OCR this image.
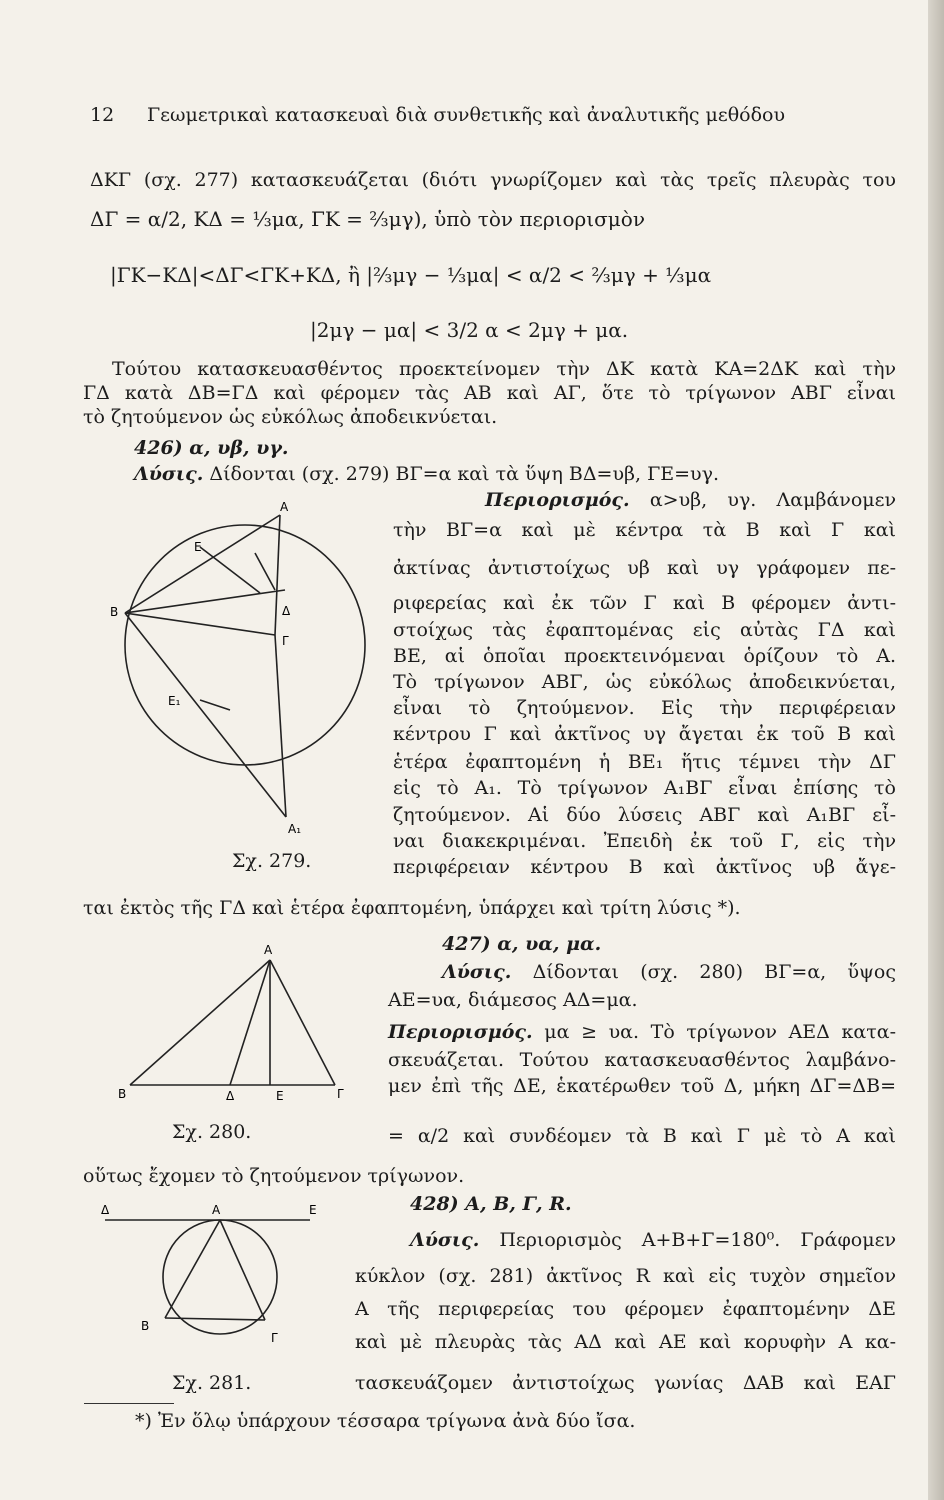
12 Γεωμετρικαὶ κατασκευαὶ διὰ συνθετικῆς καὶ ἀναλυτικῆς μεθόδου
ΔΚΓ (σχ. 277) κατασκευάζεται (διότι γνωρίζομεν καὶ τὰς τρεῖς πλευρὰς του
ΔΓ = α/2, ΚΔ = ⅓μα, ΓΚ = ⅔μγ), ὑπὸ τὸν περιορισμὸν
|ΓΚ−ΚΔ|<ΔΓ<ΓΚ+ΚΔ, ἢ |⅔μγ − ⅓μα| < α/2 < ⅔μγ + ⅓μα
|2μγ − μα| < 3/2 α < 2μγ + μα.
Τούτου κατασκευασθέντος προεκτείνομεν τὴν ΔΚ κατὰ ΚΑ=2ΔΚ καὶ τὴν
ΓΔ κατὰ ΔΒ=ΓΔ καὶ φέρομεν τὰς ΑΒ καὶ ΑΓ, ὅτε τὸ τρίγωνον ΑΒΓ εἶναι
τὸ ζητούμενον ὡς εὐκόλως ἀποδεικνύεται.
426) α, υβ, υγ.
Λύσις. Δίδονται (σχ. 279) ΒΓ=α καὶ τὰ ὕψη ΒΔ=υβ, ΓΕ=υγ.
Περιορισμός. α>υβ, υγ. Λαμβάνομεν
τὴν ΒΓ=α καὶ μὲ κέντρα τὰ Β καὶ Γ καὶ
ἀκτίνας ἀντιστοίχως υβ καὶ υγ γράφομεν πε-
ριφερείας καὶ ἐκ τῶν Γ καὶ Β φέρομεν ἀντι-
στοίχως τὰς ἐφαπτομένας εἰς αὐτὰς ΓΔ καὶ
ΒΕ, αἱ ὁποῖαι προεκτεινόμεναι ὁρίζουν τὸ Α.
Τὸ τρίγωνον ΑΒΓ, ὡς εὐκόλως ἀποδεικνύεται,
εἶναι τὸ ζητούμενον. Εἰς τὴν περιφέρειαν
κέντρου Γ καὶ ἀκτῖνος υγ ἄγεται ἐκ τοῦ Β καὶ
ἑτέρα ἐφαπτομένη ἡ ΒΕ₁ ἥτις τέμνει τὴν ΔΓ
εἰς τὸ Α₁. Τὸ τρίγωνον Α₁ΒΓ εἶναι ἐπίσης τὸ
ζητούμενον. Αἱ δύο λύσεις ΑΒΓ καὶ Α₁ΒΓ εἶ-
ναι διακεκριμέναι. Ἐπειδὴ ἐκ τοῦ Γ, εἰς τὴν
περιφέρειαν κέντρου Β καὶ ἀκτῖνος υβ ἄγε-
ται ἐκτὸς τῆς ΓΔ καὶ ἑτέρα ἐφαπτομένη, ὑπάρχει καὶ τρίτη λύσις *).
Α
Ε
Β	Δ
Γ
Ε₁
Α₁
Σχ. 279.
427) α, υα, μα.
Λύσις. Δίδονται (σχ. 280) ΒΓ=α, ὕψος
ΑΕ=υα, διάμεσος ΑΔ=μα.
Περιορισμός. μα ≥ υα. Τὸ τρίγωνον ΑΕΔ κατα-
σκευάζεται. Τούτου κατασκευασθέντος λαμβάνο-
μεν ἐπὶ τῆς ΔΕ, ἑκατέρωθεν τοῦ Δ, μήκη ΔΓ=ΔΒ=
= α/2 καὶ συνδέομεν τὰ Β καὶ Γ μὲ τὸ Α καὶ
οὕτως ἔχομεν τὸ ζητούμενον τρίγωνον.
Α
Β	Δ	Ε	Γ
Σχ. 280.
428) Α, Β, Γ, R.
Λύσις. Περιορισμὸς Α+Β+Γ=180⁰. Γράφομεν
κύκλον (σχ. 281) ἀκτῖνος R καὶ εἰς τυχὸν σημεῖον
Α τῆς περιφερείας του φέρομεν ἐφαπτομένην ΔΕ
καὶ μὲ πλευρὰς τὰς ΑΔ καὶ ΑΕ καὶ κορυφὴν Α κα-
τασκευάζομεν ἀντιστοίχως γωνίας ΔΑΒ καὶ ΕΑΓ
Δ	Α	Ε
Β
Γ
Σχ. 281.
*) Ἐν ὅλῳ ὑπάρχουν τέσσαρα τρίγωνα ἀνὰ δύο ἴσα.
